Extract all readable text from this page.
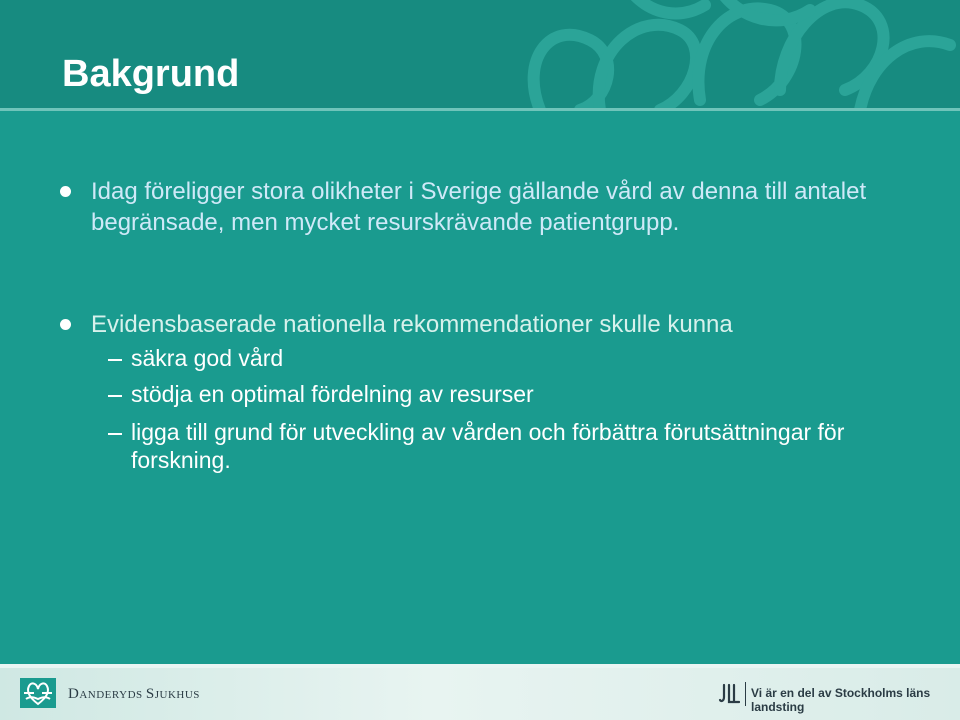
Bakgrund
Idag föreligger stora olikheter i Sverige gällande vård av denna till antalet begränsade, men mycket resurskrävande patientgrupp.
Evidensbaserade nationella rekommendationer skulle kunna
säkra god vård
stödja en optimal fördelning av resurser
ligga till grund för utveckling av vården och förbättra förutsättningar för forskning.
DANDERYDS SJUKHUS	Vi är en del av Stockholms läns landsting
